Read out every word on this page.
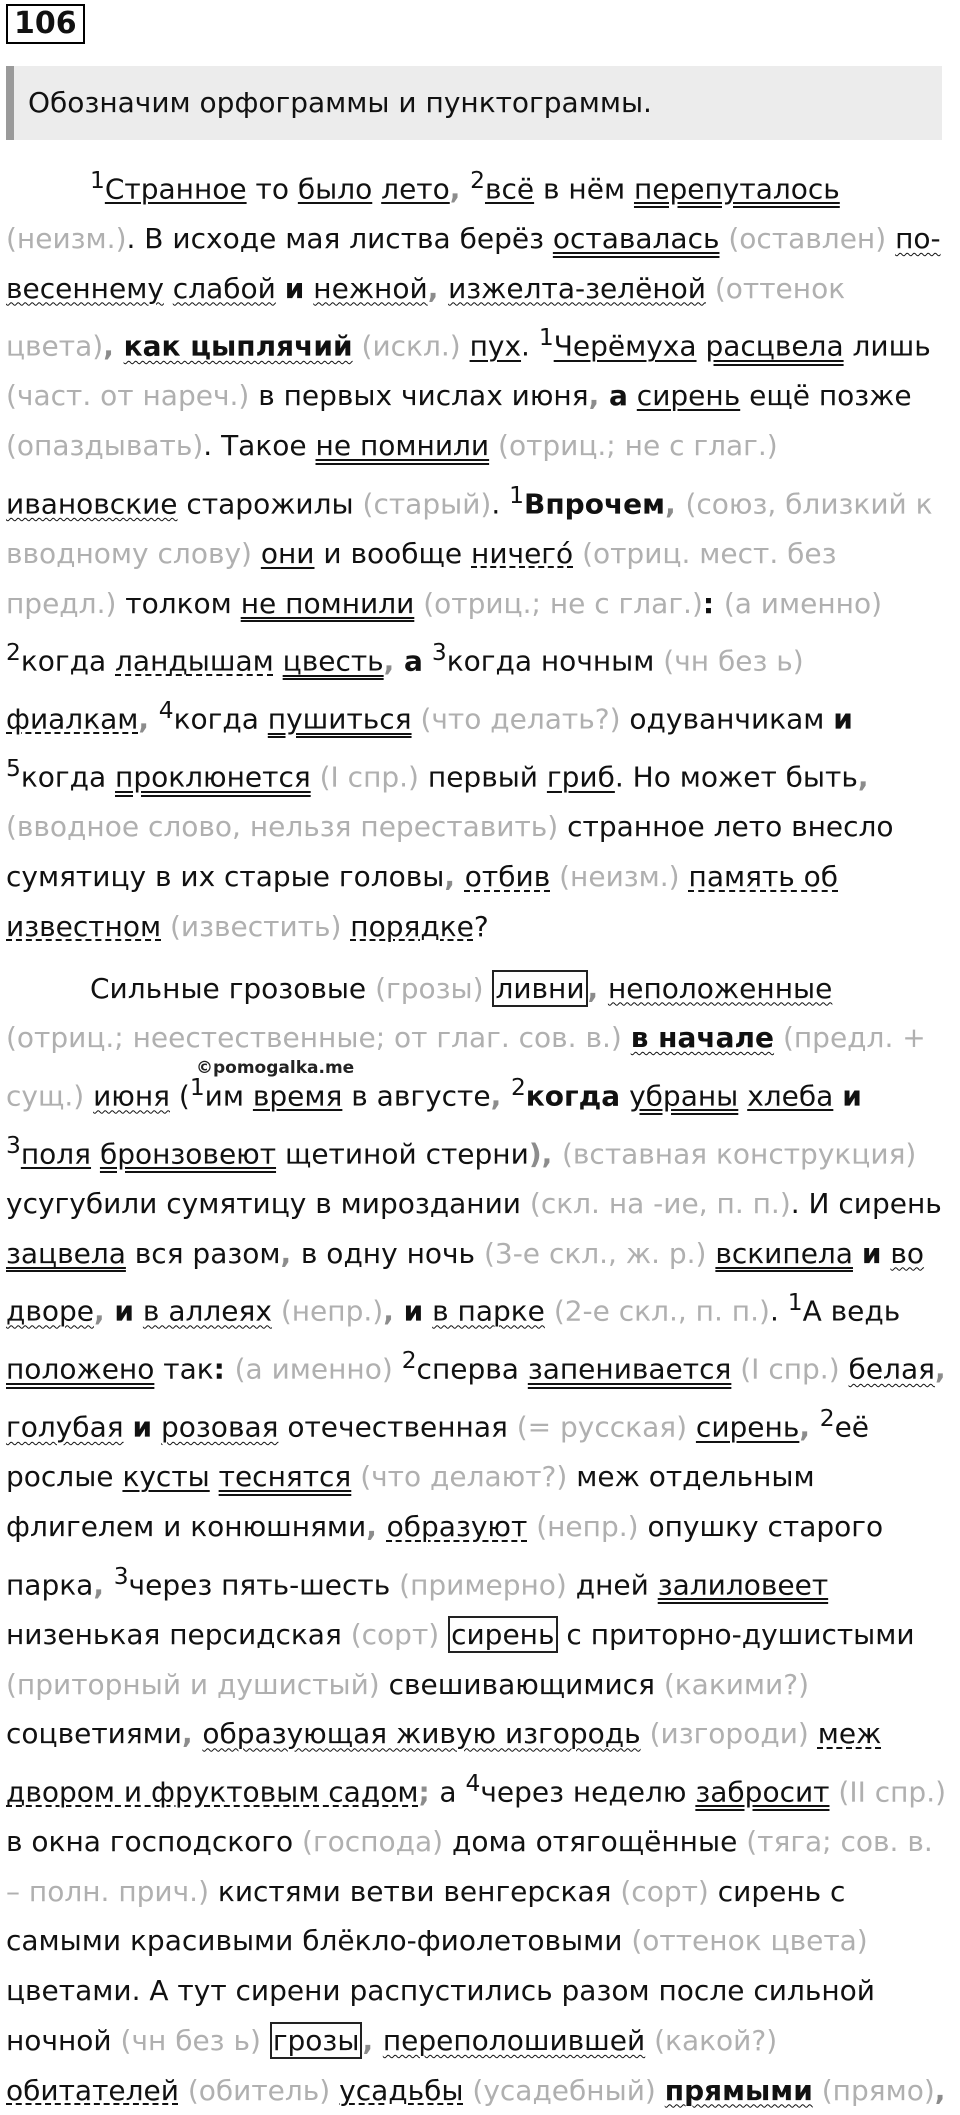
106
Обозначим орфограммы и пунктограммы.

$^1$Странное то было лето, $^2$всё в нём перепуталось (неизм.). В исходе мая листва берёз оставалась (оставлен) по-весеннему слабой и нежной, изжелта-зелёной (оттенок цвета), как цыплячий (искл.) пух. $^1$Черёмуха расцвела лишь (част. от нареч.) в первых числах июня, а сирень ещё позже (опаздывать). Такое не помнили (отриц.; не с глаг.) ивановские старожилы (старый). $^1$Впрочем, (союз, близкий к вводному слову) они и вообще ничего́ (отриц. мест. без предл.) толком не помнили (отриц.; не с глаг.): (а именно) $^2$когда ландышам цвесть, а $^3$когда ночным (чн без ь) фиалкам, $^4$когда пушиться (что делать?) одуванчикам и $^5$когда проклюнется (I спр.) первый гриб. Но может быть, (вводное слово, нельзя переставить) странное лето внесло сумятицу в их старые головы, отбив (неизм.) память об известном (известить) порядке?

Сильные грозовые (грозы) ливни , неположенные (отриц.; неестественные; от глаг. сов. в.) в начале (предл. + сущ.) июня ($^1$им время в августе, $^2$когда убраны хлеба и $^3$поля бронзовеют щетиной стерни), (вставная конструкция) усугубили сумятицу в мироздании (скл. на -ие, п. п.). И сирень зацвела вся разом, в одну ночь (3-е скл., ж. р.) вскипела и во дворе, и в аллеях (непр.), и в парке (2-е скл., п. п.). $^1$А ведь положено так: (а именно) $^2$сперва запенивается (I спр.) белая, голубая и розовая отечественная (= русская) сирень, $^2$её рослые кусты теснятся (что делают?) меж отдельным флигелем и конюшнями, образуют (непр.) опушку старого парка, $^3$через пять-шесть (примерно) дней залиловеет низенькая персидская (сорт) сирень с приторно-душистыми (приторный и душистый) свешивающимися (какими?) соцветиями, образующая живую изгородь (изгороди) меж двором и фруктовым садом; а $^4$через неделю забросит (II спр.) в окна господского (господа) дома отягощённые (тяга; сов. в. – полн. прич.) кистями ветви венгерская (сорт) сирень с самыми красивыми блёкло-фиолетовыми (оттенок цвета) цветами. А тут сирени распустились разом после сильной ночной (чн без ь) грозы , переполошившей (какой?) обитателей (обитель) усадьбы (усадебный) прямыми (прямо),

©pomogalka.me
